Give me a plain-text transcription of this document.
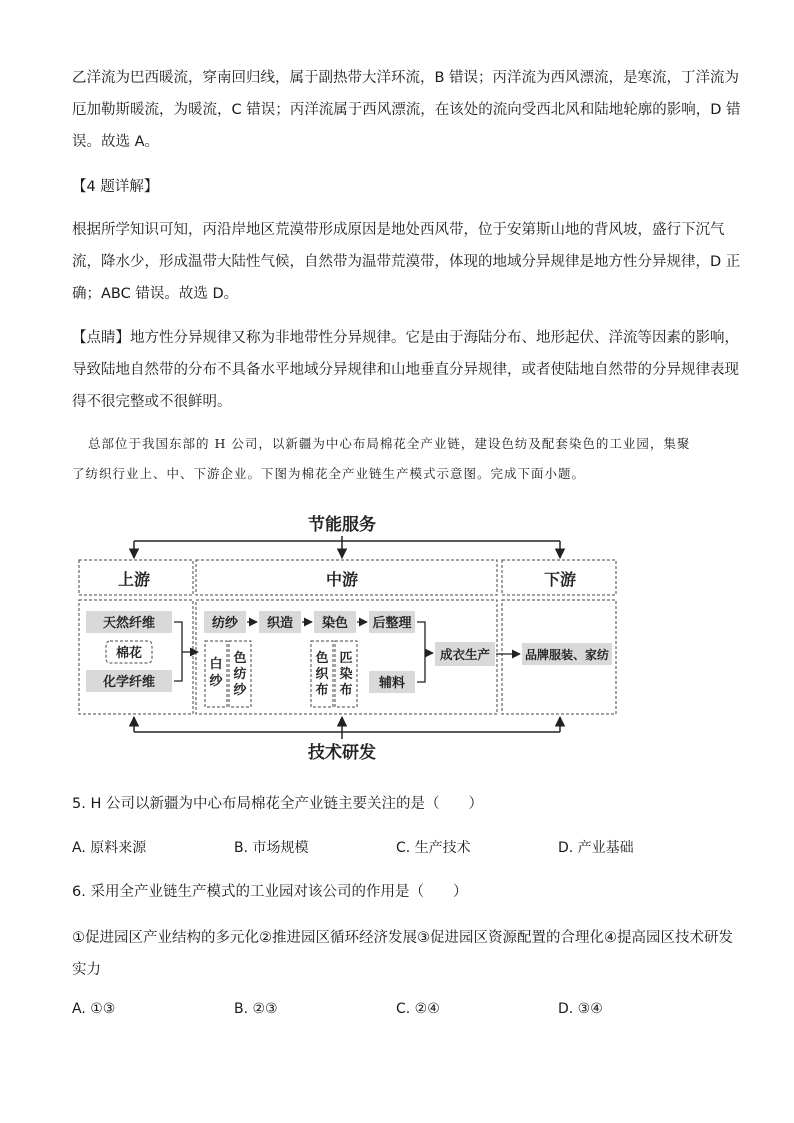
乙洋流为巴西暖流，穿南回归线，属于副热带大洋环流，B 错误；丙洋流为西风漂流，是寒流，丁洋流为
厄加勒斯暖流，为暖流，C 错误；丙洋流属于西风漂流，在该处的流向受西北风和陆地轮廓的影响，D 错
误。故选 A。
【4 题详解】
根据所学知识可知，丙沿岸地区荒漠带形成原因是地处西风带，位于安第斯山地的背风坡，盛行下沉气
流，降水少，形成温带大陆性气候，自然带为温带荒漠带，体现的地域分异规律是地方性分异规律，D 正
确；ABC 错误。故选 D。
【点睛】地方性分异规律又称为非地带性分异规律。它是由于海陆分布、地形起伏、洋流等因素的影响，
导致陆地自然带的分布不具备水平地域分异规律和山地垂直分异规律，或者使陆地自然带的分异规律表现
得不很完整或不很鲜明。
总部位于我国东部的 H 公司，以新疆为中心布局棉花全产业链，建设色纺及配套染色的工业园，集聚
了纺织行业上、中、下游企业。下图为棉花全产业链生产模式示意图。完成下面小题。
节能服务
上游	中游	下游
天然纤维
棉花
化学纤维
纺纱 织造 染色 后整理
白
纱
色
纺
纱
色
织
布
匹
染
布 辅料
成衣生产	品牌服装、家纺
技术研发
5. H 公司以新疆为中心布局棉花全产业链主要关注的是（　　）
A. 原料来源	B. 市场规模	C. 生产技术	D. 产业基础
6. 采用全产业链生产模式的工业园对该公司的作用是（　　）
①促进园区产业结构的多元化②推进园区循环经济发展③促进园区资源配置的合理化④提高园区技术研发
实力
A. ①③	B. ②③	C. ②④	D. ③④
